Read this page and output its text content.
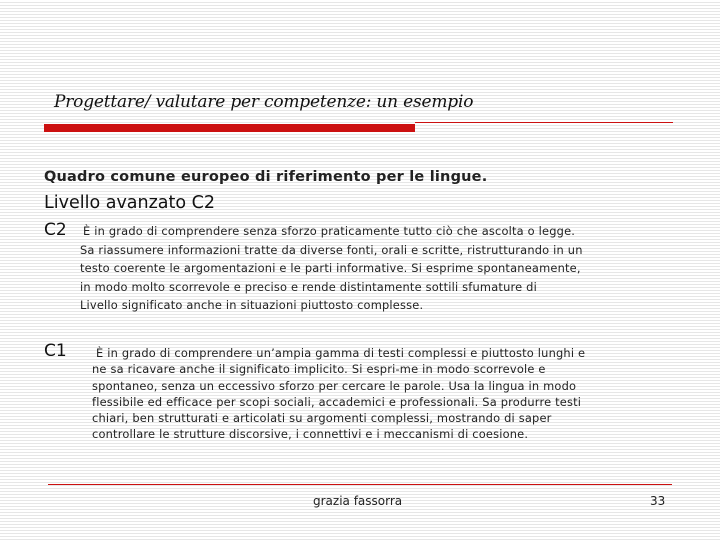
Progettare/ valutare per competenze: un esempio
Quadro comune europeo di riferimento per le lingue.
Livello avanzato C2
C2 È in grado di comprendere senza sforzo praticamente tutto ciò che ascolta o legge.
Sa riassumere informazioni tratte da diverse fonti, orali e scritte, ristrutturando in un
testo coerente le argomentazioni e le parti informative. Si esprime spontaneamente,
in modo molto scorrevole e preciso e rende distintamente sottili sfumature di
Livello significato anche in situazioni piuttosto complesse.
C1	È in grado di comprendere un’ampia gamma di testi complessi e piuttosto lunghi e
ne sa ricavare anche il significato implicito. Si espri-me in modo scorrevole e
spontaneo, senza un eccessivo sforzo per cercare le parole. Usa la lingua in modo
flessibile ed efficace per scopi sociali, accademici e professionali. Sa produrre testi
chiari, ben strutturati e articolati su argomenti complessi, mostrando di saper
controllare le strutture discorsive, i connettivi e i meccanismi di coesione.
grazia fassorra	33
